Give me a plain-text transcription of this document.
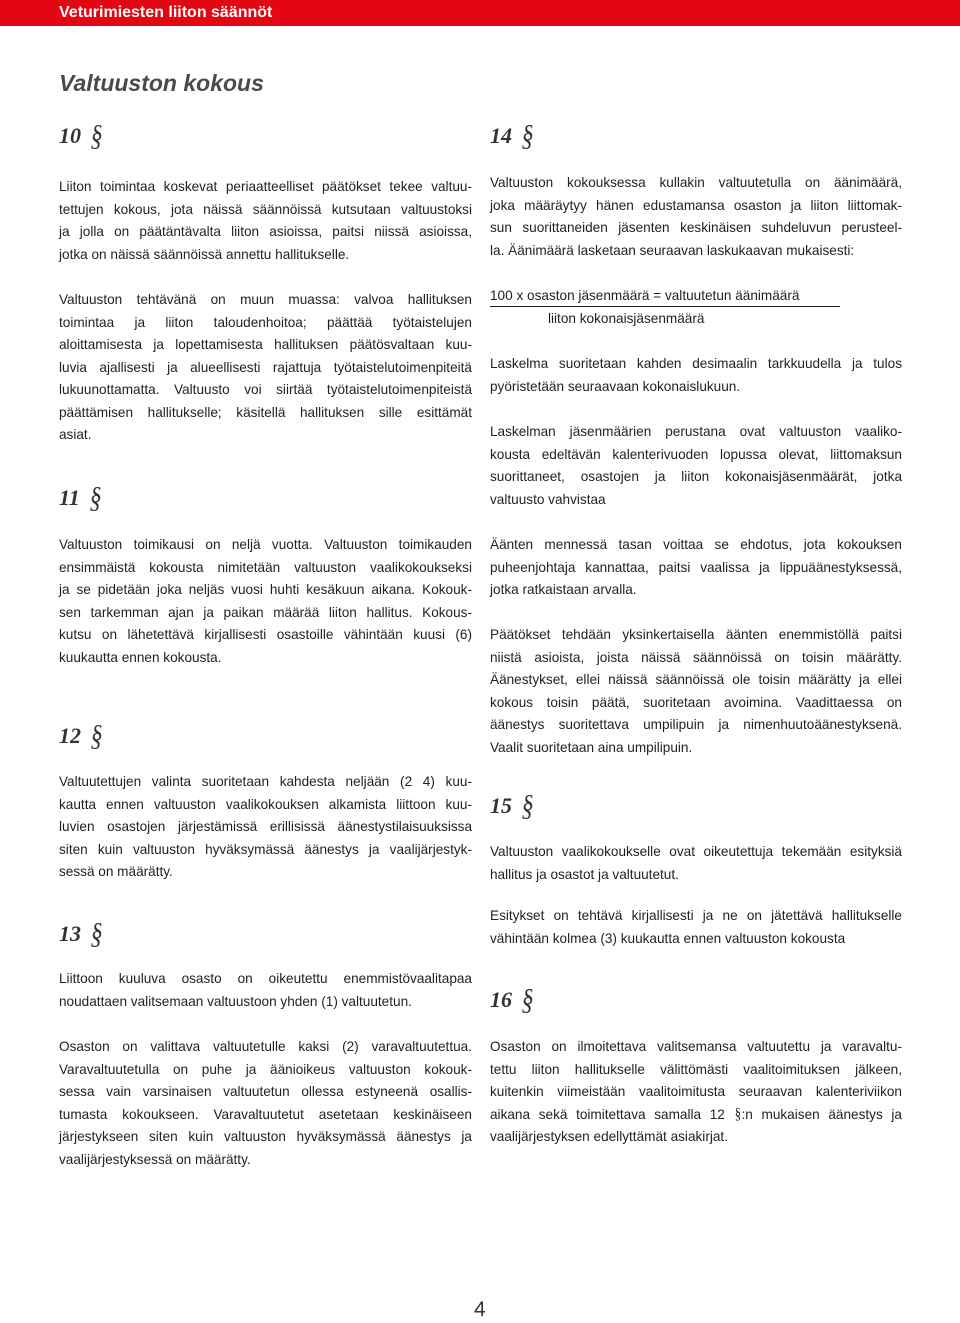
Veturimiesten liiton säännöt
Valtuuston kokous
10 §
Liiton toimintaa koskevat periaatteelliset päätökset tekee valtuu-
tettujen kokous, jota näissä säännöissä kutsutaan valtuustoksi
ja jolla on päätäntävalta liiton asioissa, paitsi niissä asioissa,
jotka on näissä säännöissä annettu hallitukselle.
Valtuuston tehtävänä on muun muassa: valvoa hallituksen
toimintaa ja liiton taloudenhoitoa; päättää työtaistelujen
aloittamisesta ja lopettamisesta hallituksen päätösvaltaan kuu-
luvia ajallisesti ja alueellisesti rajattuja työtaistelutoimenpiteitä
lukuunottamatta. Valtuusto voi siirtää työtaistelutoimenpiteistä
päättämisen hallitukselle; käsitellä hallituksen sille esittämät
asiat.
11 §
Valtuuston toimikausi on neljä vuotta. Valtuuston toimikauden
ensimmäistä kokousta nimitetään valtuuston vaalikokoukseksi
ja se pidetään joka neljäs vuosi huhti kesäkuun aikana. Kokouk-
sen tarkemman ajan ja paikan määrää liiton hallitus. Kokous-
kutsu on lähetettävä kirjallisesti osastoille vähintään kuusi (6)
kuukautta ennen kokousta.
12 §
Valtuutettujen valinta suoritetaan kahdesta neljään (2 4) kuu-
kautta ennen valtuuston vaalikokouksen alkamista liittoon kuu-
luvien osastojen järjestämissä erillisissä äänestystilaisuuksissa
siten kuin valtuuston hyväksymässä äänestys ja vaalijärjestyk-
sessä on määrätty.
13 §
Liittoon kuuluva osasto on oikeutettu enemmistövaalitapaa
noudattaen valitsemaan valtuustoon yhden (1) valtuutetun.
Osaston on valittava valtuutetulle kaksi (2) varavaltuutettua.
Varavaltuutetulla on puhe ja äänioikeus valtuuston kokouk-
sessa vain varsinaisen valtuutetun ollessa estyneenä osallis-
tumasta kokoukseen. Varavaltuutetut asetetaan keskinäiseen
järjestykseen siten kuin valtuuston hyväksymässä äänestys ja
vaalijärjestyksessä on määrätty.
14 §
Valtuuston kokouksessa kullakin valtuutetulla on äänimäärä,
joka määräytyy hänen edustamansa osaston ja liiton liittomak-
sun suorittaneiden jäsenten keskinäisen suhdeluvun perusteel-
la. Äänimäärä lasketaan seuraavan laskukaavan mukaisesti:
100 x osaston jäsenmäärä = valtuutetun äänimäärä
liiton kokonaisjäsenmäärä
Laskelma suoritetaan kahden desimaalin tarkkuudella ja tulos
pyöristetään seuraavaan kokonaislukuun.
Laskelman jäsenmäärien perustana ovat valtuuston vaaliko-
kousta edeltävän kalenterivuoden lopussa olevat, liittomaksun
suorittaneet, osastojen ja liiton kokonaisjäsenmäärät, jotka
valtuusto vahvistaa
Äänten mennessä tasan voittaa se ehdotus, jota kokouksen
puheenjohtaja kannattaa, paitsi vaalissa ja lippuäänestyksessä,
jotka ratkaistaan arvalla.
Päätökset tehdään yksinkertaisella äänten enemmistöllä paitsi
niistä asioista, joista näissä säännöissä on toisin määrätty.
Äänestykset, ellei näissä säännöissä ole toisin määrätty ja ellei
kokous toisin päätä, suoritetaan avoimina. Vaadittaessa on
äänestys suoritettava umpilipuin ja nimenhuutoäänestyksenä.
Vaalit suoritetaan aina umpilipuin.
15 §
Valtuuston vaalikokoukselle ovat oikeutettuja tekemään esityksiä
hallitus ja osastot ja valtuutetut.
Esitykset on tehtävä kirjallisesti ja ne on jätettävä hallitukselle
vähintään kolmea (3) kuukautta ennen valtuuston kokousta
16 §
Osaston on ilmoitettava valitsemansa valtuutettu ja varavaltu-
tettu liiton hallitukselle välittömästi vaalitoimituksen jälkeen,
kuitenkin viimeistään vaalitoimitusta seuraavan kalenteriviikon
aikana sekä toimitettava samalla 12 §:n mukaisen äänestys ja
vaalijärjestyksen edellyttämät asiakirjat.
4
